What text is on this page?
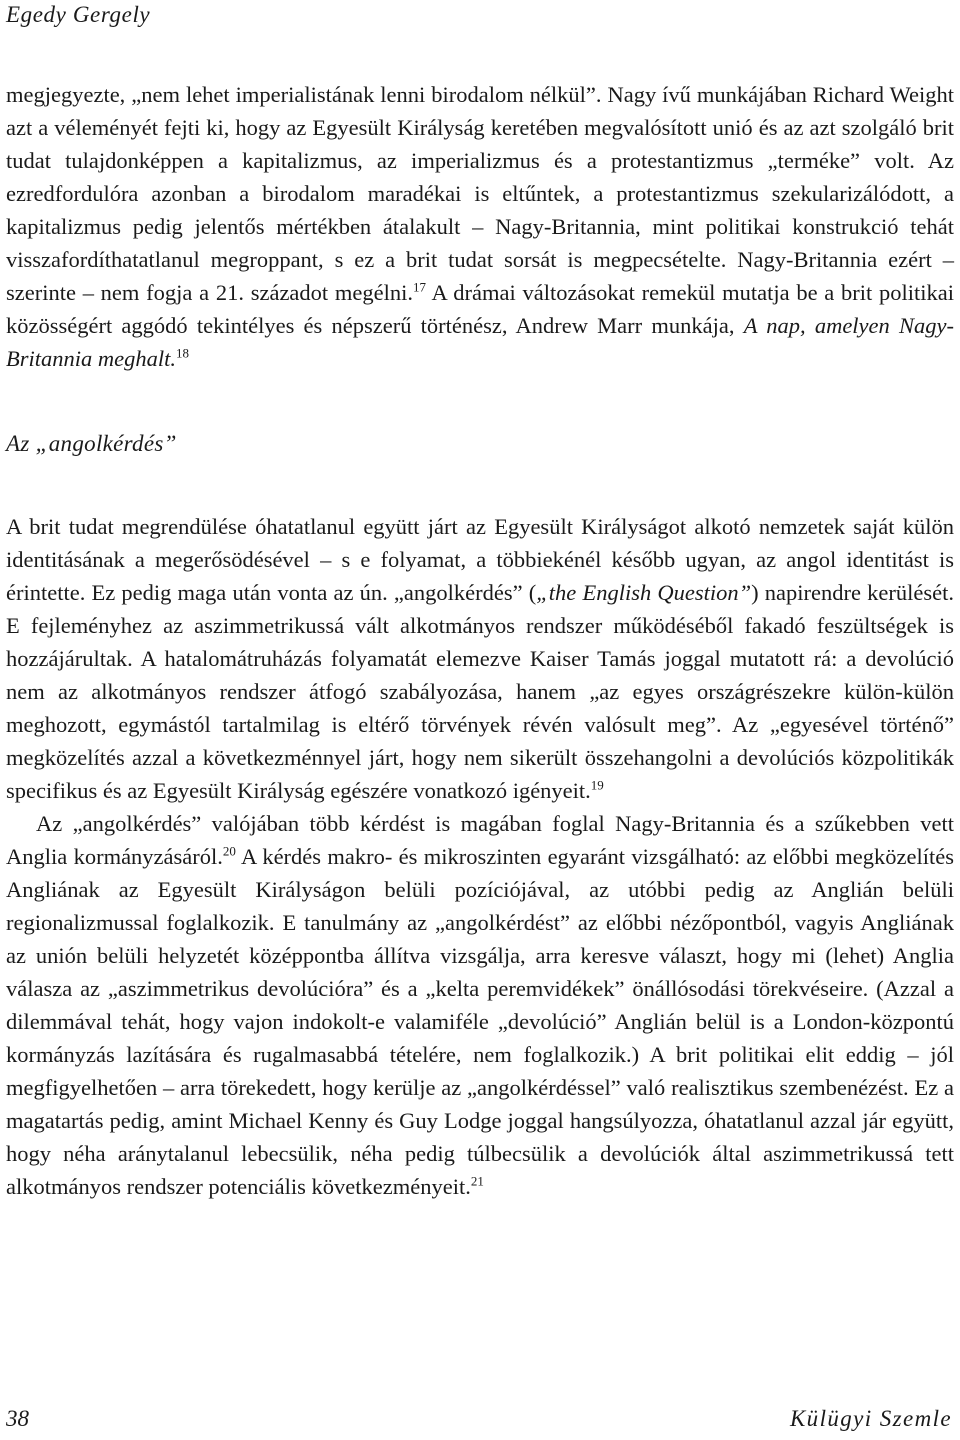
Egedy Gergely

megjegyezte, „nem lehet imperialistának lenni birodalom nélkül”. Nagy ívű munkájában Richard Weight azt a véleményét fejti ki, hogy az Egyesült Királyság keretében megvalósított unió és az azt szolgáló brit tudat tulajdonképpen a kapitalizmus, az imperializmus és a protestantizmus „terméke” volt. Az ezredfordulóra azonban a birodalom maradékai is eltűntek, a protestantizmus szekularizálódott, a kapitalizmus pedig jelentős mértékben átalakult – Nagy-Britannia, mint politikai konstrukció tehát visszafordíthatatlanul megroppant, s ez a brit tudat sorsát is megpecsételte. Nagy-Britannia ezért – szerinte – nem fogja a 21. századot megélni.$^{17}$ A drámai változásokat remekül mutatja be a brit politikai közösségért aggódó tekintélyes és népszerű történész, Andrew Marr munkája, A nap, amelyen Nagy-Britannia meghalt.$^{18}$

Az „angolkérdés”

A brit tudat megrendülése óhatatlanul együtt járt az Egyesült Királyságot alkotó nemzetek saját külön identitásának a megerősödésével – s e folyamat, a többiekénél később ugyan, az angol identitást is érintette. Ez pedig maga után vonta az ún. „angolkérdés” („the English Question”) napirendre kerülését. E fejleményhez az aszimmetrikussá vált alkotmányos rendszer működéséből fakadó feszültségek is hozzájárultak. A hatalomátruházás folyamatát elemezve Kaiser Tamás joggal mutatott rá: a devolúció nem az alkotmányos rendszer átfogó szabályozása, hanem „az egyes országrészekre külön-külön meghozott, egymástól tartalmilag is eltérő törvények révén valósult meg”. Az „egyesével történő” megközelítés azzal a következménnyel járt, hogy nem sikerült összehangolni a devolúciós közpolitikák specifikus és az Egyesült Királyság egészére vonatkozó igényeit.$^{19}$

Az „angolkérdés” valójában több kérdést is magában foglal Nagy-Britannia és a szűkebben vett Anglia kormányzásáról.$^{20}$ A kérdés makro- és mikroszinten egyaránt vizsgálható: az előbbi megközelítés Angliának az Egyesült Királyságon belüli pozíciójával, az utóbbi pedig az Anglián belüli regionalizmussal foglalkozik. E tanulmány az „angolkérdést” az előbbi nézőpontból, vagyis Angliának az unión belüli helyzetét középpontba állítva vizsgálja, arra keresve választ, hogy mi (lehet) Anglia válasza az „aszimmetrikus devolúcióra” és a „kelta peremvidékek” önállósodási törekvéseire. (Azzal a dilemmával tehát, hogy vajon indokolt-e valamiféle „devolúció” Anglián belül is a London-központú kormányzás lazítására és rugalmasabbá tételére, nem foglalkozik.) A brit politikai elit eddig – jól megfigyelhetően – arra törekedett, hogy kerülje az „angolkérdéssel” való realisztikus szembenézést. Ez a magatartás pedig, amint Michael Kenny és Guy Lodge joggal hangsúlyozza, óhatatlanul azzal jár együtt, hogy néha aránytalanul lebecsülik, néha pedig túlbecsülik a devolúciók által aszimmetrikussá tett alkotmányos rendszer potenciális következményeit.$^{21}$

38	Külügyi Szemle
